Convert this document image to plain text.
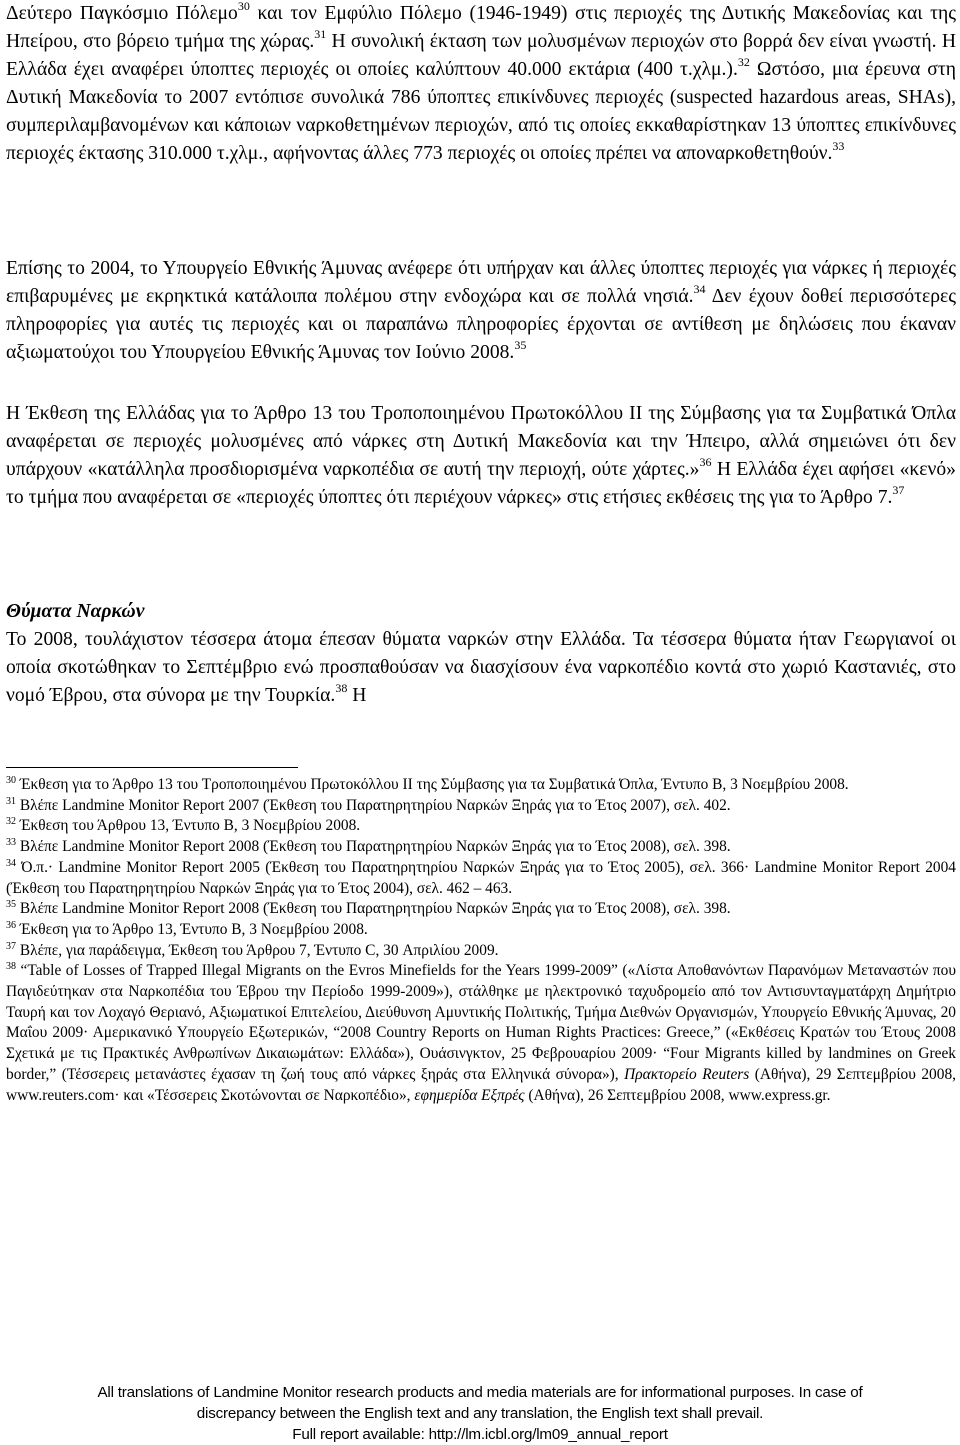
Δεύτερο Παγκόσμιο Πόλεμο$^{30}$ και τον Εμφύλιο Πόλεμο (1946-1949) στις περιοχές της Δυτικής Μακεδονίας και της Ηπείρου, στο βόρειο τμήμα της χώρας.$^{31}$ Η συνολική έκταση των μολυσμένων περιοχών στο βορρά δεν είναι γνωστή. Η Ελλάδα έχει αναφέρει ύποπτες περιοχές οι οποίες καλύπτουν 40.000 εκτάρια (400 τ.χλμ.).$^{32}$ Ωστόσο, μια έρευνα στη Δυτική Μακεδονία το 2007 εντόπισε συνολικά 786 ύποπτες επικίνδυνες περιοχές (suspected hazardous areas, SHAs), συμπεριλαμβανομένων και κάποιων ναρκοθετημένων περιοχών, από τις οποίες εκκαθαρίστηκαν 13 ύποπτες επικίνδυνες περιοχές έκτασης 310.000 τ.χλμ., αφήνοντας άλλες 773 περιοχές οι οποίες πρέπει να απoναρκοθετηθούν.$^{33}$

Επίσης το 2004, το Υπουργείο Εθνικής Άμυνας ανέφερε ότι υπήρχαν και άλλες ύποπτες περιοχές για νάρκες ή περιοχές επιβαρυμένες με εκρηκτικά κατάλοιπα πολέμου στην ενδοχώρα και σε πολλά νησιά.$^{34}$ Δεν έχουν δοθεί περισσότερες πληροφορίες για αυτές τις περιοχές και οι παραπάνω πληροφορίες έρχονται σε αντίθεση με δηλώσεις που έκαναν αξιωματούχοι του Υπουργείου Εθνικής Άμυνας τον Ιούνιο 2008.35

Η Έκθεση της Ελλάδας για το Άρθρο 13 του Τροποποιημένου Πρωτοκόλλου ΙΙ της Σύμβασης για τα Συμβατικά Όπλα αναφέρεται σε περιοχές μολυσμένες από νάρκες στη Δυτική Μακεδονία και την Ήπειρο, αλλά σημειώνει ότι δεν υπάρχουν «κατάλληλα προσδιορισμένα ναρκοπέδια σε αυτή την περιοχή, ούτε χάρτες.»$^{36}$ Η Ελλάδα έχει αφήσει «κενό» το τμήμα που αναφέρεται σε «περιοχές ύποπτες ότι περιέχουν νάρκες» στις ετήσιες εκθέσεις της για το Άρθρο 7.37

Θύματα Ναρκών

Το 2008, τουλάχιστον τέσσερα άτομα έπεσαν θύματα ναρκών στην Ελλάδα. Τα τέσσερα θύματα ήταν Γεωργιανοί οι οποία σκοτώθηκαν το Σεπτέμβριο ενώ προσπαθούσαν να διασχίσουν ένα ναρκοπέδιο κοντά στο χωριό Καστανιές, στο νομό Έβρου, στα σύνορα με την Τουρκία.$^{38}$ Η

$^{30}$ Έκθεση για το Άρθρο 13 του Τροποποιημένου Πρωτοκόλλου ΙΙ της Σύμβασης για τα Συμβατικά Όπλα, Έντυπο Β, 3 Νοεμβρίου 2008.

$^{31}$ Βλέπε Landmine Monitor Report 2007 (Έκθεση του Παρατηρητηρίου Ναρκών Ξηράς για το Έτος 2007), σελ. 402.

$^{32}$ Έκθεση του Άρθρου 13, Έντυπο Β, 3 Νοεμβρίου 2008.

$^{33}$ Βλέπε Landmine Monitor Report 2008 (Έκθεση του Παρατηρητηρίου Ναρκών Ξηράς για το Έτος 2008), σελ. 398.

$^{34}$ Ό.π.· Landmine Monitor Report 2005 (Έκθεση του Παρατηρητηρίου Ναρκών Ξηράς για το Έτος 2005), σελ. 366· Landmine Monitor Report 2004 (Έκθεση του Παρατηρητηρίου Ναρκών Ξηράς για το Έτος 2004), σελ. 462 – 463.

$^{35}$ Βλέπε Landmine Monitor Report 2008 (Έκθεση του Παρατηρητηρίου Ναρκών Ξηράς για το Έτος 2008), σελ. 398.

$^{36}$ Έκθεση για το Άρθρο 13, Έντυπο Β, 3 Νοεμβρίου 2008.

$^{37}$ Βλέπε, για παράδειγμα, Έκθεση του Άρθρου 7, Έντυπο C, 30 Απριλίου 2009.

$^{38}$ “Table of Losses of Trapped Illegal Migrants on the Evros Minefields for the Years 1999-2009” («Λίστα Αποθανόντων Παρανόμων Μεταναστών που Παγιδεύτηκαν στα Ναρκοπέδια του Έβρου την Περίοδο 1999-2009»), στάλθηκε με ηλεκτρονικό ταχυδρομείο από τον Αντισυνταγματάρχη Δημήτριο Ταυρή και τον Λοχαγό Θεριανό, Αξιωματικοί Επιτελείου, Διεύθυνση Αμυντικής Πολιτικής, Τμήμα Διεθνών Οργανισμών, Υπουργείο Εθνικής Άμυνας, 20 Μαΐου 2009· Αμερικανικό Υπουργείο Εξωτερικών, “2008 Country Reports on Human Rights Practices: Greece,” («Εκθέσεις Κρατών του Έτους 2008 Σχετικά με τις Πρακτικές Ανθρωπίνων Δικαιωμάτων: Ελλάδα»), Ουάσινγκτον, 25 Φεβρουαρίου 2009· “Four Migrants killed by landmines on Greek border,” (Τέσσερεις μετανάστες έχασαν τη ζωή τους από νάρκες ξηράς στα Ελληνικά σύνορα»), Πρακτορείο Reuters (Αθήνα), 29 Σεπτεμβρίου 2008, www.reuters.com· και «Τέσσερεις Σκοτώνονται σε Ναρκοπέδιο», εφημερίδα Εξπρές (Αθήνα), 26 Σεπτεμβρίου 2008, www.express.gr.

All translations of Landmine Monitor research products and media materials are for informational purposes. In case of
discrepancy between the English text and any translation, the English text shall prevail.
Full report available: http://lm.icbl.org/lm09_annual_report
